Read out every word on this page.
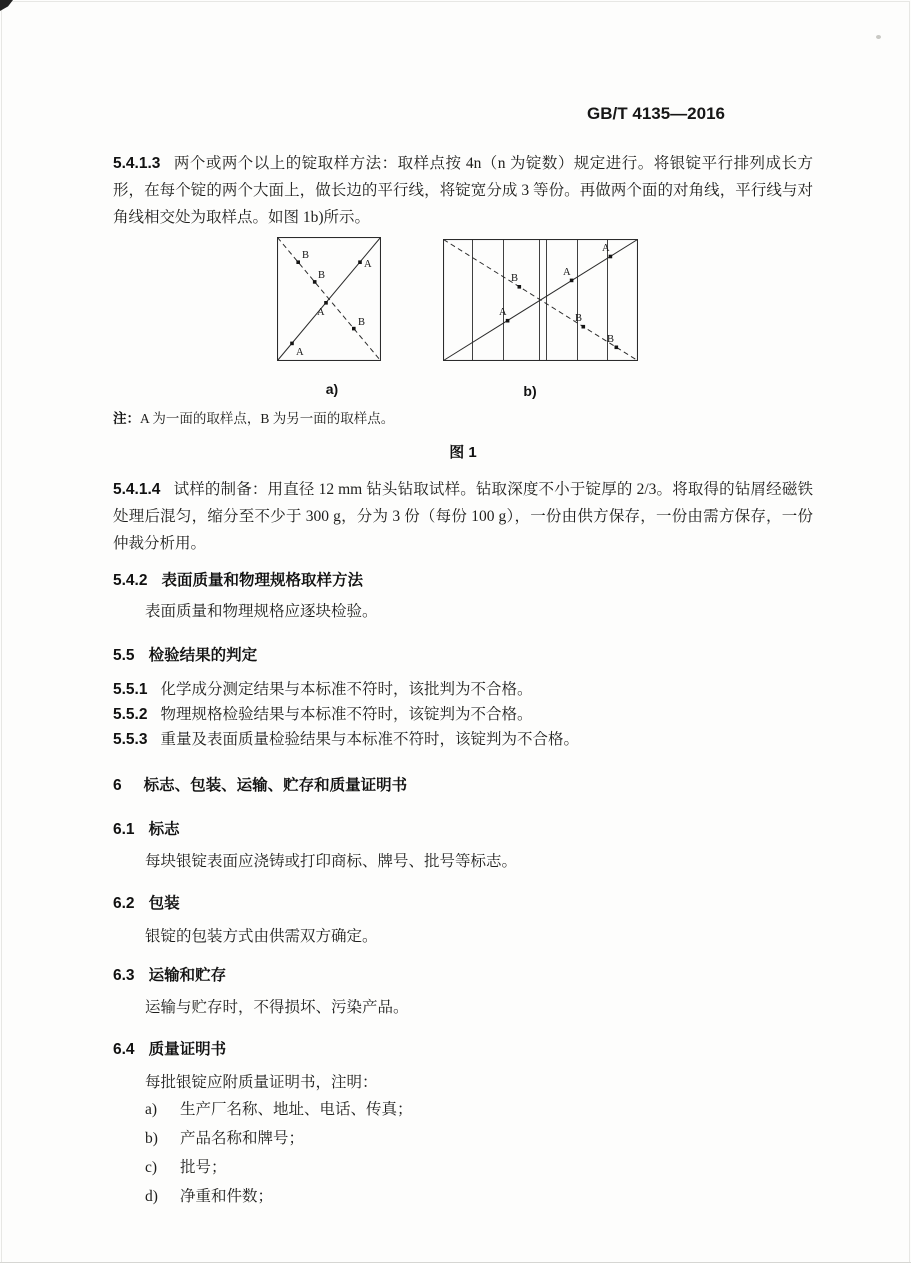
GB/T 4135—2016

5.4.1.3 两个或两个以上的锭取样方法：取样点按 4n（n 为锭数）规定进行。将银锭平行排列成长方形，在每个锭的两个大面上，做长边的平行线，将锭宽分成 3 等份。再做两个面的对角线，平行线与对角线相交处为取样点。如图 1b)所示。

A
A
A
B
B
B
A
A
A
B
B
B
a)	b)

注：A 为一面的取样点，B 为另一面的取样点。

图 1

5.4.1.4 试样的制备：用直径 12 mm 钻头钻取试样。钻取深度不小于锭厚的 2/3。将取得的钻屑经磁铁处理后混匀，缩分至不少于 300 g，分为 3 份（每份 100 g），一份由供方保存，一份由需方保存，一份仲裁分析用。

5.4.2 表面质量和物理规格取样方法

表面质量和物理规格应逐块检验。

5.5 检验结果的判定

5.5.1 化学成分测定结果与本标准不符时，该批判为不合格。

5.5.2 物理规格检验结果与本标准不符时，该锭判为不合格。

5.5.3 重量及表面质量检验结果与本标准不符时，该锭判为不合格。

6 标志、包装、运输、贮存和质量证明书
6.1 标志

每块银锭表面应浇铸或打印商标、牌号、批号等标志。

6.2 包装

银锭的包装方式由供需双方确定。

6.3 运输和贮存

运输与贮存时，不得损坏、污染产品。

6.4 质量证明书

每批银锭应附质量证明书，注明：

a) 生产厂名称、地址、电话、传真；

b) 产品名称和牌号；

c) 批号；

d) 净重和件数；
